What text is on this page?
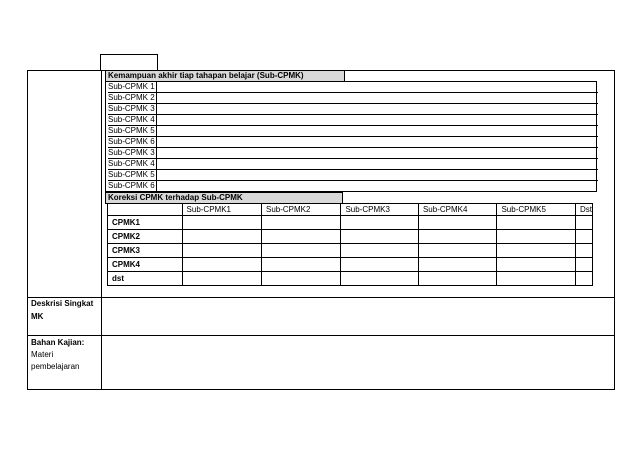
Kemampuan akhir tiap tahapan belajar (Sub-CPMK)
Sub-CPMK 1
Sub-CPMK 2
Sub-CPMK 3
Sub-CPMK 4
Sub-CPMK 5
Sub-CPMK 6
Sub-CPMK 3
Sub-CPMK 4
Sub-CPMK 5
Sub-CPMK 6
Koreksi CPMK terhadap Sub-CPMK
	Sub-CPMK1	Sub-CPMK2	Sub-CPMK3	Sub-CPMK4	Sub-CPMK5	Dst
CPMK1						
CPMK2						
CPMK3						
CPMK4						
dst						
Deskrisi Singkat
MK
Bahan Kajian:
Materi
pembelajaran
